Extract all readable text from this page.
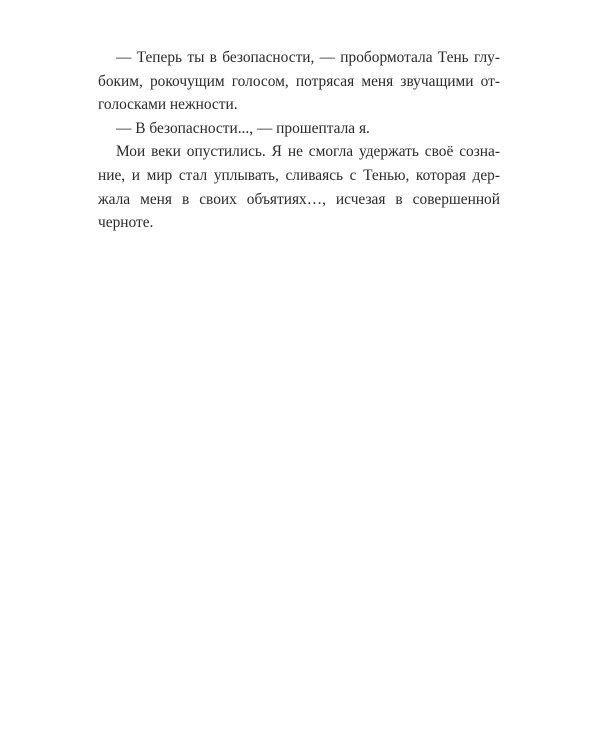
— Теперь ты в безопасности, — пробормотала Тень глу-
боким, рокочущим голосом, потрясая меня звучащими от-
голосками нежности.
— В безопасности..., — прошептала я.
Мои веки опустились. Я не смогла удержать своё созна-
ние, и мир стал уплывать, сливаясь с Тенью, которая дер-
жала меня в своих объятиях…, исчезая в совершенной
черноте.
